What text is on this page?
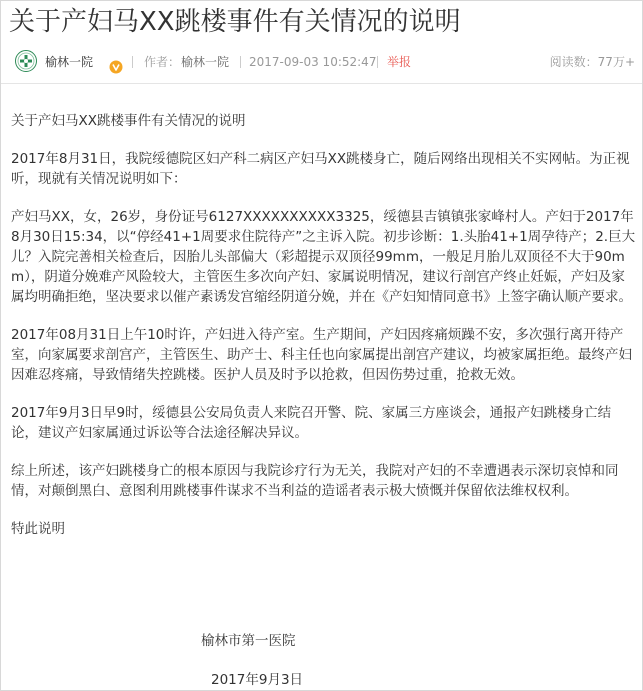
关于产妇马XX跳楼事件有关情况的说明
榆林一院	作者： 榆林一院 2017-09-03 10:52:47 举报	阅读数：77万+

关于产妇马XX跳楼事件有关情况的说明

2017年8月31日，我院绥德院区妇产科二病区产妇马XX跳楼身亡，随后网络出现相关不实网帖。为正视听，现就有关情况说明如下：

产妇马XX，女，26岁，身份证号6127XXXXXXXXXX3325，绥德县吉镇镇张家峰村人。产妇于2017年8月30日15:34，以“停经41+1周要求住院待产”之主诉入院。初步诊断：1.头胎41+1周孕待产；2.巨大儿？入院完善相关检查后，因胎儿头部偏大（彩超提示双顶径99mm，一般足月胎儿双顶径不大于90mm），阴道分娩难产风险较大，主管医生多次向产妇、家属说明情况，建议行剖宫产终止妊娠，产妇及家属均明确拒绝，坚决要求以催产素诱发宫缩经阴道分娩，并在《产妇知情同意书》上签字确认顺产要求。

2017年08月31日上午10时许，产妇进入待产室。生产期间，产妇因疼痛烦躁不安，多次强行离开待产室，向家属要求剖宫产，主管医生、助产士、科主任也向家属提出剖宫产建议，均被家属拒绝。最终产妇因难忍疼痛，导致情绪失控跳楼。医护人员及时予以抢救，但因伤势过重，抢救无效。

2017年9月3日早9时，绥德县公安局负责人来院召开警、院、家属三方座谈会，通报产妇跳楼身亡结论，建议产妇家属通过诉讼等合法途径解决异议。

综上所述，该产妇跳楼身亡的根本原因与我院诊疗行为无关，我院对产妇的不幸遭遇表示深切哀悼和同情，对颠倒黑白、意图利用跳楼事件谋求不当利益的造谣者表示极大愤慨并保留依法维权权利。

特此说明

榆林市第一医院
2017年9月3日
